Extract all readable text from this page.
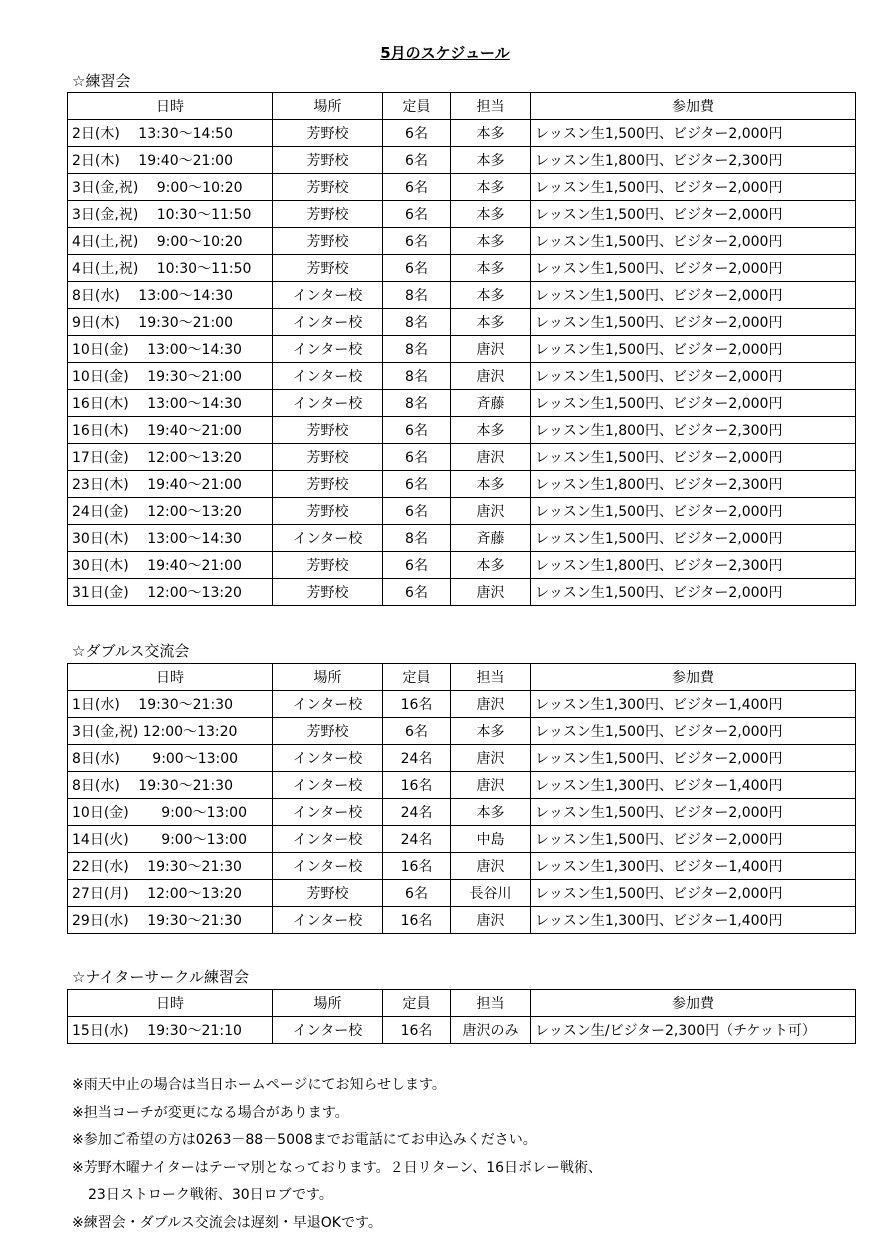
5月のスケジュール
☆練習会
日時	場所	定員	担当	参加費
2日(木)　 13:30～14:50	芳野校	6名	本多	レッスン生1,500円、ビジター2,000円
2日(木)　 19:40～21:00	芳野校	6名	本多	レッスン生1,800円、ビジター2,300円
3日(金,祝)　 9:00～10:20	芳野校	6名	本多	レッスン生1,500円、ビジター2,000円
3日(金,祝)　 10:30～11:50	芳野校	6名	本多	レッスン生1,500円、ビジター2,000円
4日(土,祝)　 9:00～10:20	芳野校	6名	本多	レッスン生1,500円、ビジター2,000円
4日(土,祝)　 10:30～11:50	芳野校	6名	本多	レッスン生1,500円、ビジター2,000円
8日(水)　 13:00～14:30	インター校	8名	本多	レッスン生1,500円、ビジター2,000円
9日(木)　 19:30～21:00	インター校	8名	本多	レッスン生1,500円、ビジター2,000円
10日(金)　 13:00～14:30	インター校	8名	唐沢	レッスン生1,500円、ビジター2,000円
10日(金)　 19:30～21:00	インター校	8名	唐沢	レッスン生1,500円、ビジター2,000円
16日(木)　 13:00～14:30	インター校	8名	斉藤	レッスン生1,500円、ビジター2,000円
16日(木)　 19:40～21:00	芳野校	6名	本多	レッスン生1,800円、ビジター2,300円
17日(金)　 12:00～13:20	芳野校	6名	唐沢	レッスン生1,500円、ビジター2,000円
23日(木)　 19:40～21:00	芳野校	6名	本多	レッスン生1,800円、ビジター2,300円
24日(金)　 12:00～13:20	芳野校	6名	唐沢	レッスン生1,500円、ビジター2,000円
30日(木)　 13:00～14:30	インター校	8名	斉藤	レッスン生1,500円、ビジター2,000円
30日(木)　 19:40～21:00	芳野校	6名	本多	レッスン生1,800円、ビジター2,300円
31日(金)　 12:00～13:20	芳野校	6名	唐沢	レッスン生1,500円、ビジター2,000円
☆ダブルス交流会
日時	場所	定員	担当	参加費
1日(水)　 19:30～21:30	インター校	16名	唐沢	レッスン生1,300円、ビジター1,400円
3日(金,祝) 12:00～13:20	芳野校	6名	本多	レッスン生1,500円、ビジター2,000円
8日(水)　　 9:00～13:00	インター校	24名	唐沢	レッスン生1,500円、ビジター2,000円
8日(水)　 19:30～21:30	インター校	16名	唐沢	レッスン生1,300円、ビジター1,400円
10日(金)　　 9:00～13:00	インター校	24名	本多	レッスン生1,500円、ビジター2,000円
14日(火)　　 9:00～13:00	インター校	24名	中島	レッスン生1,500円、ビジター2,000円
22日(水)　 19:30～21:30	インター校	16名	唐沢	レッスン生1,300円、ビジター1,400円
27日(月)　 12:00～13:20	芳野校	6名	長谷川	レッスン生1,500円、ビジター2,000円
29日(水)　 19:30～21:30	インター校	16名	唐沢	レッスン生1,300円、ビジター1,400円
☆ナイターサークル練習会
日時	場所	定員	担当	参加費
15日(水)　 19:30～21:10	インター校	16名	唐沢のみ	レッスン生/ビジター2,300円（チケット可）
※雨天中止の場合は当日ホームページにてお知らせします。
※担当コーチが変更になる場合があります。
※参加ご希望の方は0263－88－5008までお電話にてお申込みください。
※芳野木曜ナイターはテーマ別となっております。２日リターン、16日ボレー戦術、
23日ストローク戦術、30日ロブです。
※練習会・ダブルス交流会は遅刻・早退OKです。
